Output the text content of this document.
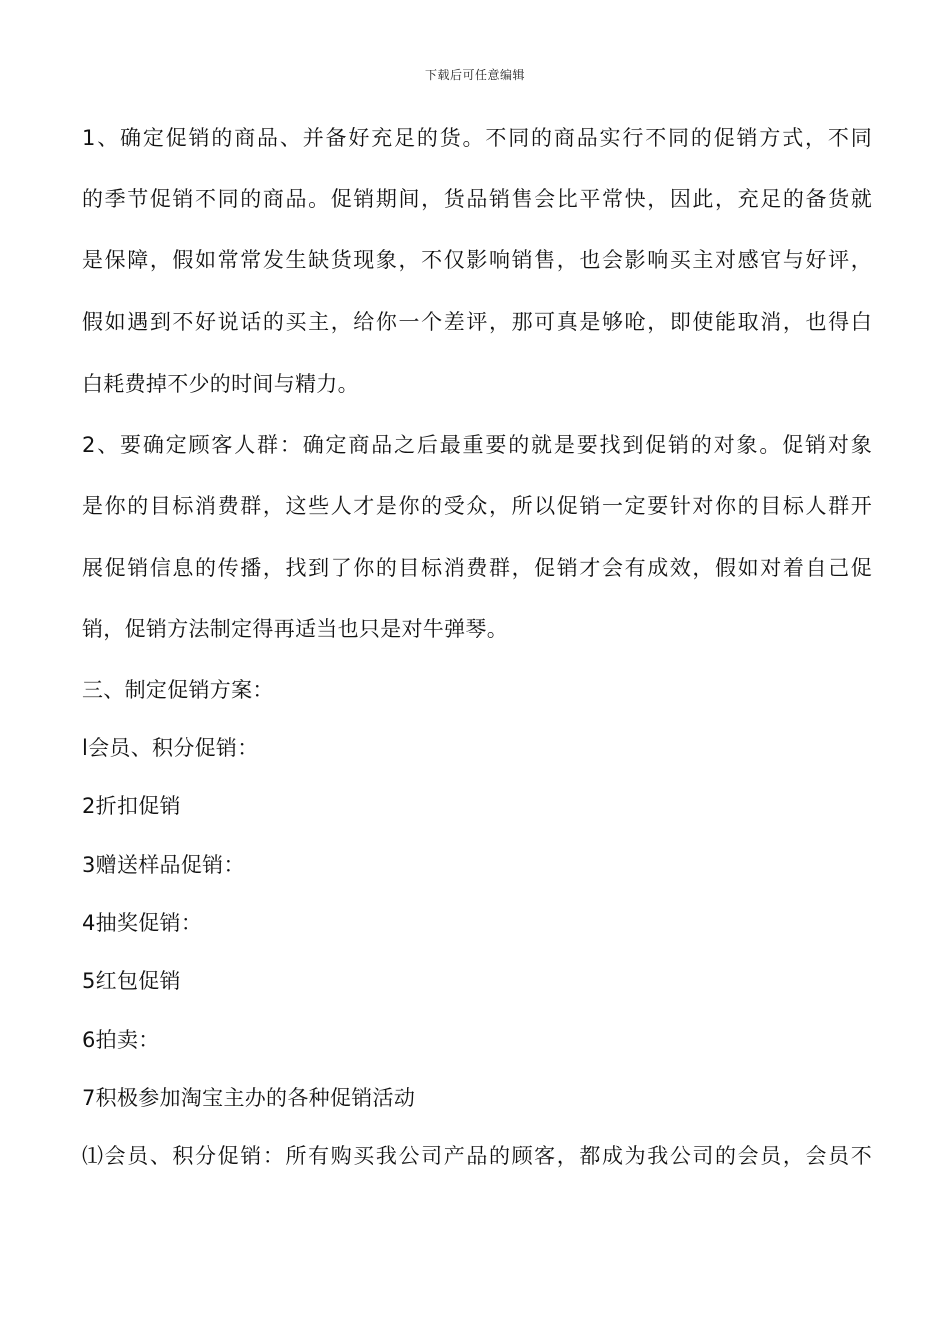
下载后可任意编辑
1、确定促销的商品、并备好充足的货。不同的商品实行不同的促销方式，不同
的季节促销不同的商品。促销期间，货品销售会比平常快，因此，充足的备货就
是保障，假如常常发生缺货现象，不仅影响销售，也会影响买主对感官与好评，
假如遇到不好说话的买主，给你一个差评，那可真是够呛，即使能取消，也得白
白耗费掉不少的时间与精力。
2、要确定顾客人群：确定商品之后最重要的就是要找到促销的对象。促销对象
是你的目标消费群，这些人才是你的受众，所以促销一定要针对你的目标人群开
展促销信息的传播，找到了你的目标消费群，促销才会有成效，假如对着自己促
销，促销方法制定得再适当也只是对牛弹琴。
三、制定促销方案：
l会员、积分促销：
2折扣促销
3赠送样品促销：
4抽奖促销：
5红包促销
6拍卖：
7积极参加淘宝主办的各种促销活动
⑴会员、积分促销：所有购买我公司产品的顾客，都成为我公司的会员，会员不
